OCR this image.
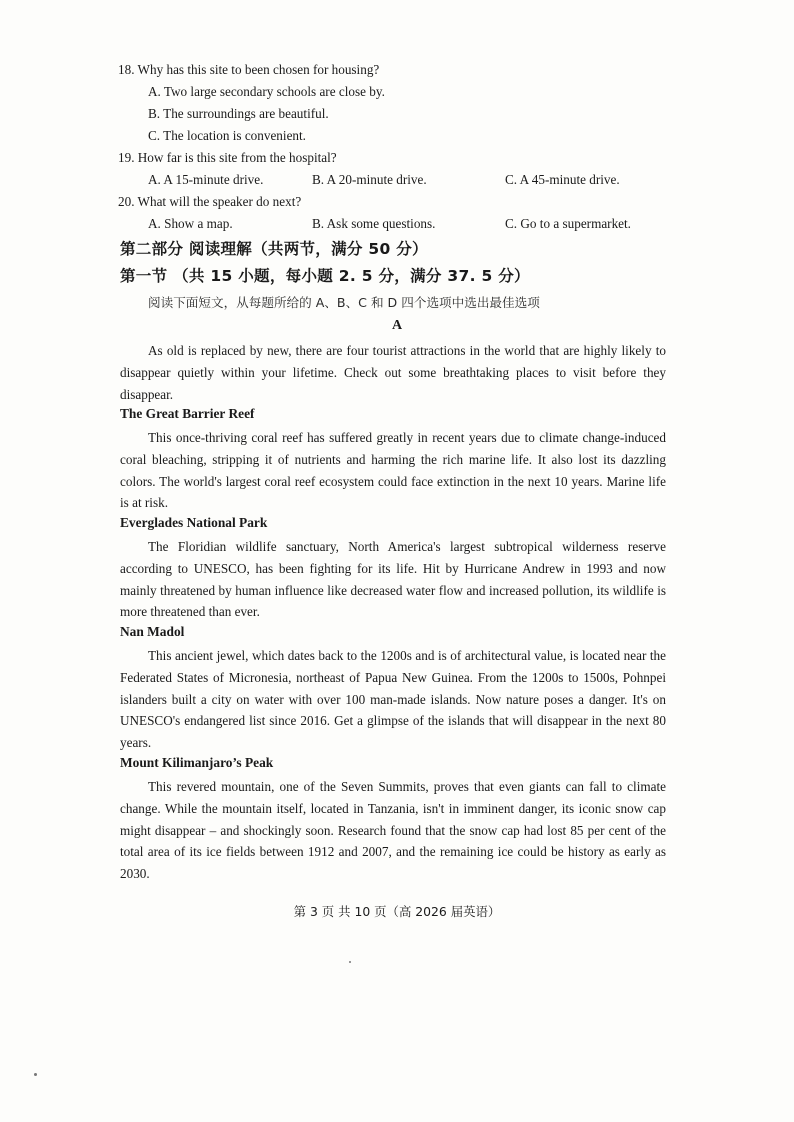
18. Why has this site to been chosen for housing?
A. Two large secondary schools are close by.
B. The surroundings are beautiful.
C. The location is convenient.
19. How far is this site from the hospital?
A. A 15-minute drive.	B. A 20-minute drive.	C. A 45-minute drive.
20. What will the speaker do next?
A. Show a map.	B. Ask some questions.	C. Go to a supermarket.
第二部分 阅读理解（共两节，满分 50 分）
第一节 （共 15 小题，每小题 2. 5 分，满分 37. 5 分）
阅读下面短文，从每题所给的 A、B、C 和 D 四个选项中选出最佳选项
A

As old is replaced by new, there are four tourist attractions in the world that are highly likely to disappear quietly within your lifetime. Check out some breathtaking places to visit before they disappear.

The Great Barrier Reef

This once-thriving coral reef has suffered greatly in recent years due to climate change-induced coral bleaching, stripping it of nutrients and harming the rich marine life. It also lost its dazzling colors. The world's largest coral reef ecosystem could face extinction in the next 10 years. Marine life is at risk.

Everglades National Park

The Floridian wildlife sanctuary, North America's largest subtropical wilderness reserve according to UNESCO, has been fighting for its life. Hit by Hurricane Andrew in 1993 and now mainly threatened by human influence like decreased water flow and increased pollution, its wildlife is more threatened than ever.

Nan Madol

This ancient jewel, which dates back to the 1200s and is of architectural value, is located near the Federated States of Micronesia, northeast of Papua New Guinea. From the 1200s to 1500s, Pohnpei islanders built a city on water with over 100 man-made islands. Now nature poses a danger. It's on UNESCO's endangered list since 2016. Get a glimpse of the islands that will disappear in the next 80 years.

Mount Kilimanjaro’s Peak

This revered mountain, one of the Seven Summits, proves that even giants can fall to climate change. While the mountain itself, located in Tanzania, isn't in imminent danger, its iconic snow cap might disappear – and shockingly soon. Research found that the snow cap had lost 85 per cent of the total area of its ice fields between 1912 and 2007, and the remaining ice could be history as early as 2030.

第 3 页 共 10 页（高 2026 届英语）
